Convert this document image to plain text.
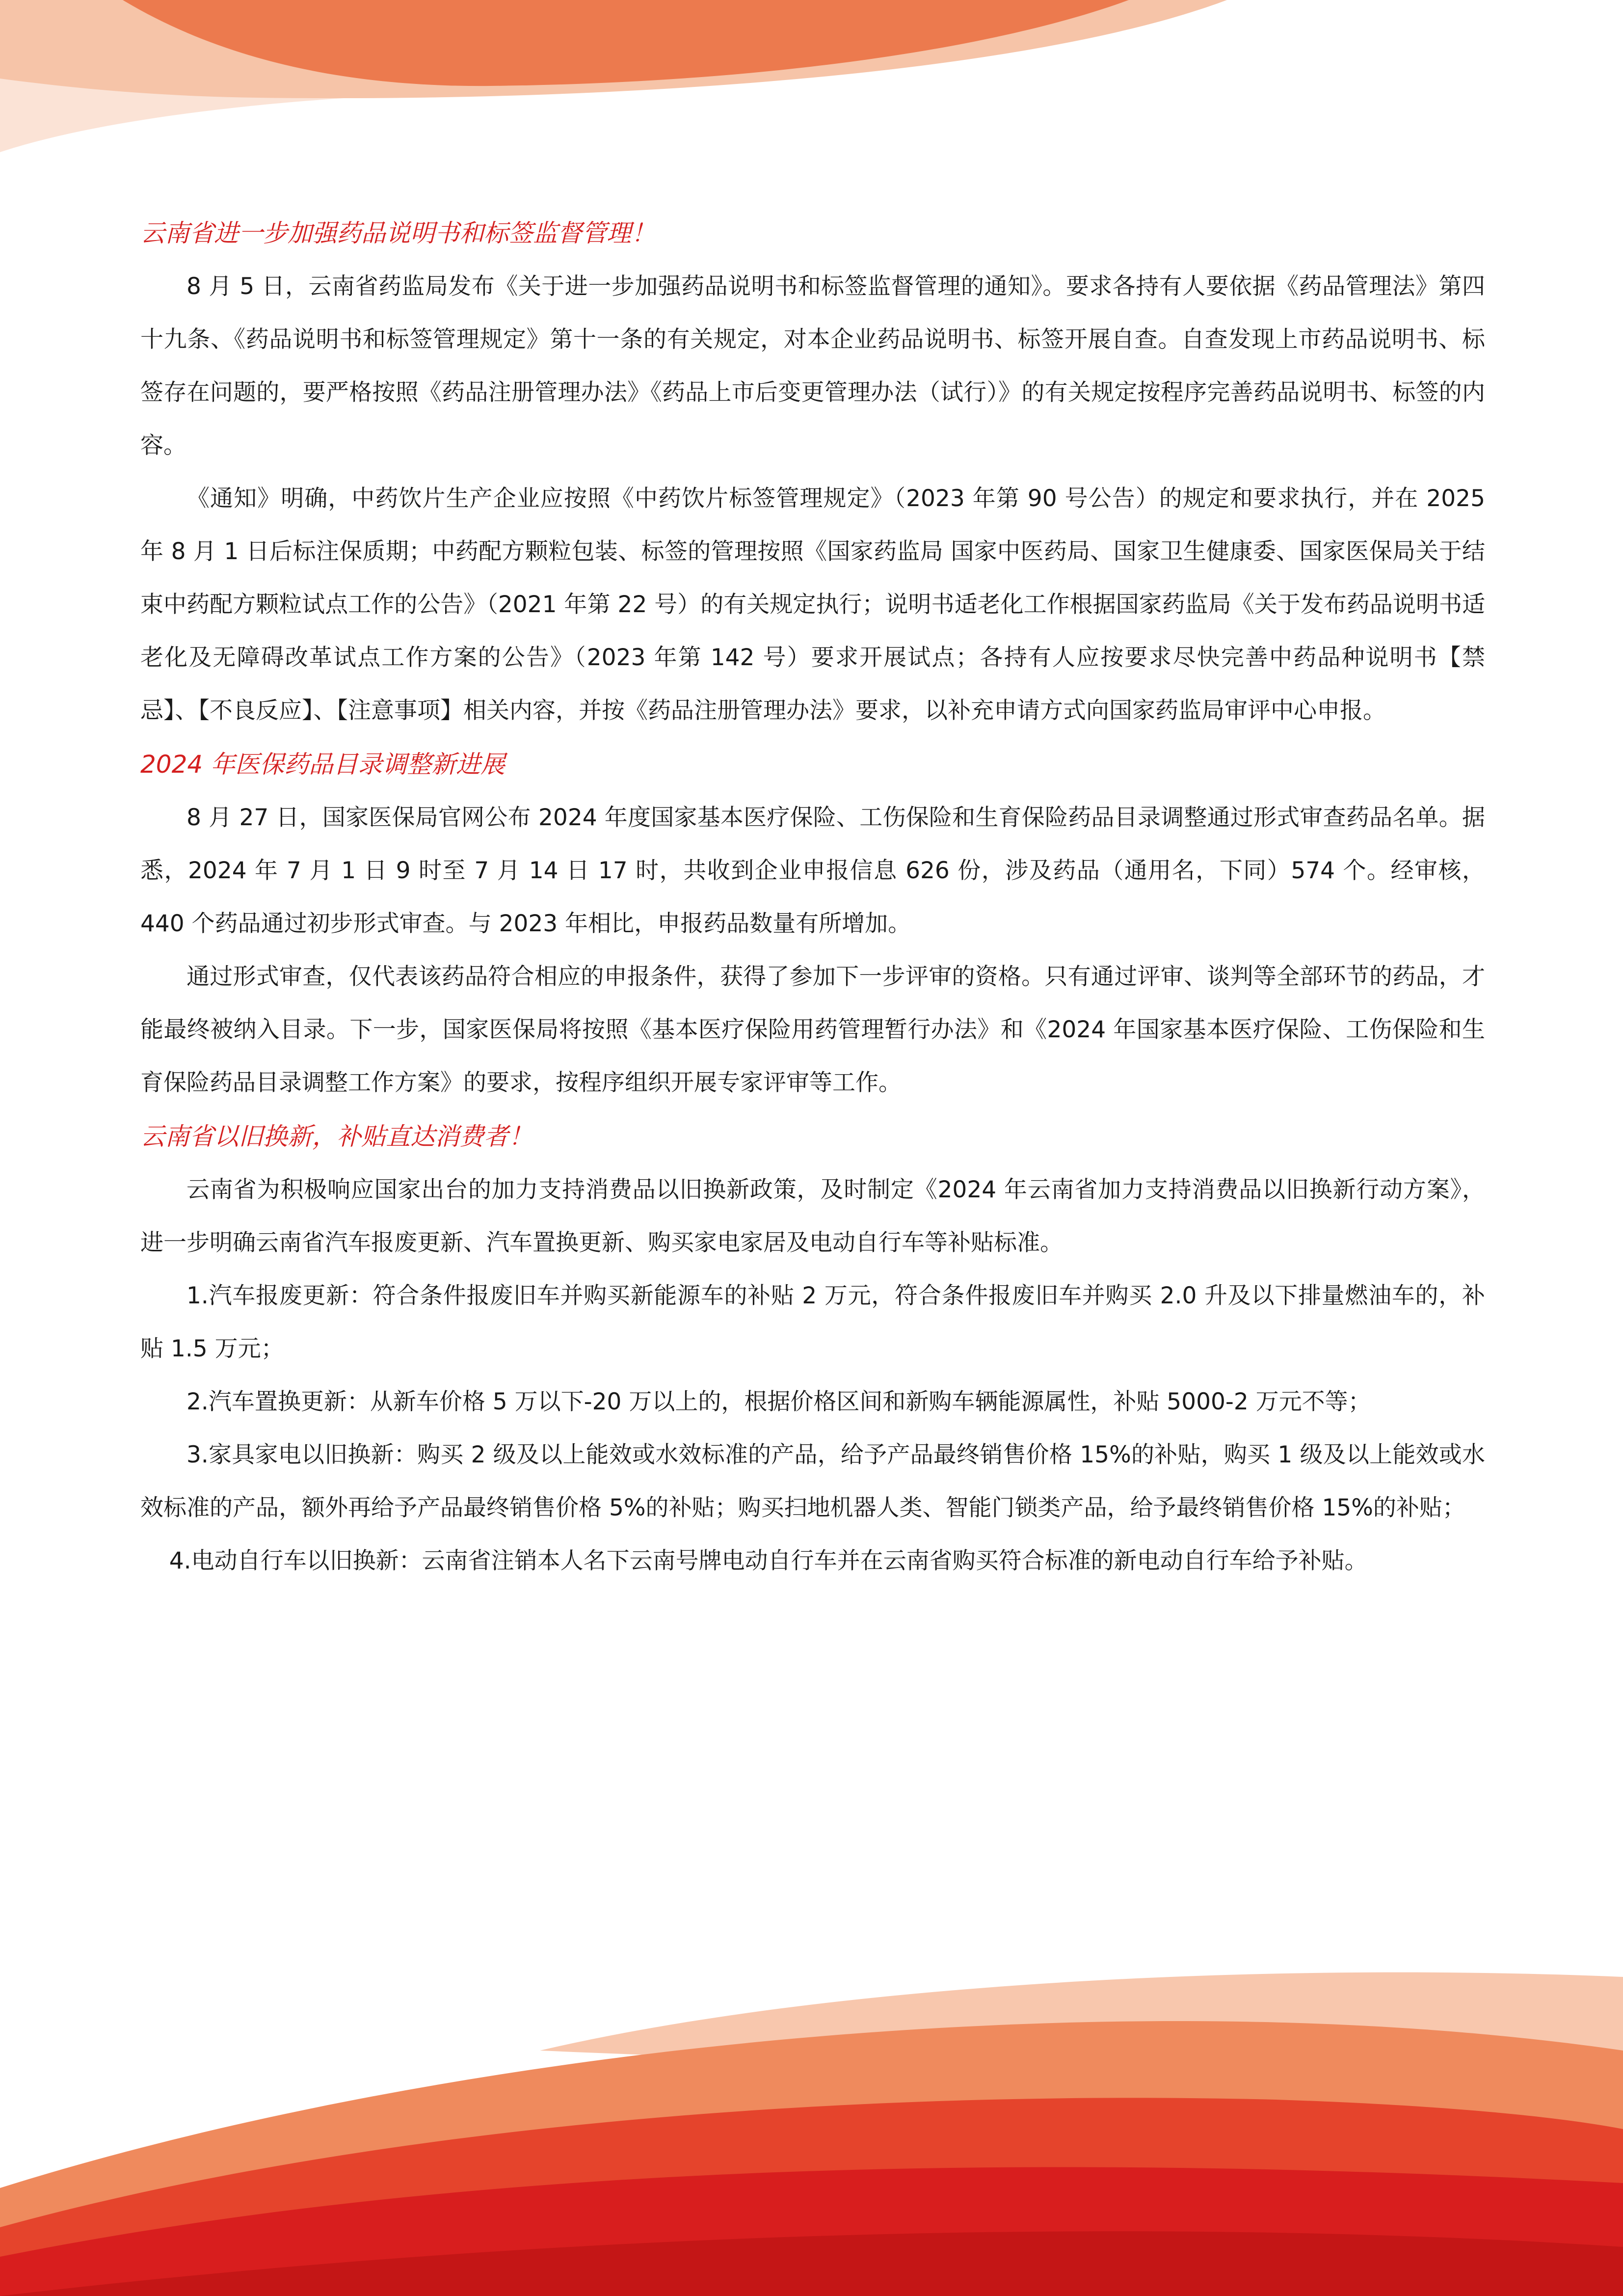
云南省进一步加强药品说明书和标签监督管理！

8 月 5 日，云南省药监局发布《关于进一步加强药品说明书和标签监督管理的通知》。要求各持有人要依据《药品管理法》第四十九条、《药品说明书和标签管理规定》第十一条的有关规定，对本企业药品说明书、标签开展自查。自查发现上市药品说明书、标签存在问题的，要严格按照《药品注册管理办法》《药品上市后变更管理办法（试行）》的有关规定按程序完善药品说明书、标签的内容。

《通知》明确，中药饮片生产企业应按照《中药饮片标签管理规定》（2023 年第 90 号公告）的规定和要求执行，并在 2025 年 8 月 1 日后标注保质期；中药配方颗粒包装、标签的管理按照《国家药监局 国家中医药局、国家卫生健康委、国家医保局关于结束中药配方颗粒试点工作的公告》（2021 年第 22 号）的有关规定执行；说明书适老化工作根据国家药监局《关于发布药品说明书适老化及无障碍改革试点工作方案的公告》（2023 年第 142 号）要求开展试点；各持有人应按要求尽快完善中药品种说明书【禁忌】、【不良反应】、【注意事项】相关内容，并按《药品注册管理办法》要求，以补充申请方式向国家药监局审评中心申报。

2024 年医保药品目录调整新进展

8 月 27 日，国家医保局官网公布 2024 年度国家基本医疗保险、工伤保险和生育保险药品目录调整通过形式审查药品名单。据悉，2024 年 7 月 1 日 9 时至 7 月 14 日 17 时，共收到企业申报信息 626 份，涉及药品（通用名，下同）574 个。经审核，440 个药品通过初步形式审查。与 2023 年相比，申报药品数量有所增加。

通过形式审查，仅代表该药品符合相应的申报条件，获得了参加下一步评审的资格。只有通过评审、谈判等全部环节的药品，才能最终被纳入目录。下一步，国家医保局将按照《基本医疗保险用药管理暂行办法》和《2024 年国家基本医疗保险、工伤保险和生育保险药品目录调整工作方案》的要求，按程序组织开展专家评审等工作。

云南省以旧换新，补贴直达消费者！

云南省为积极响应国家出台的加力支持消费品以旧换新政策，及时制定《2024 年云南省加力支持消费品以旧换新行动方案》，进一步明确云南省汽车报废更新、汽车置换更新、购买家电家居及电动自行车等补贴标准。

1.汽车报废更新：符合条件报废旧车并购买新能源车的补贴 2 万元，符合条件报废旧车并购买 2.0 升及以下排量燃油车的，补贴 1.5 万元；

2.汽车置换更新：从新车价格 5 万以下-20 万以上的，根据价格区间和新购车辆能源属性，补贴 5000-2 万元不等；

3.家具家电以旧换新：购买 2 级及以上能效或水效标准的产品，给予产品最终销售价格 15%的补贴，购买 1 级及以上能效或水效标准的产品，额外再给予产品最终销售价格 5%的补贴；购买扫地机器人类、智能门锁类产品，给予最终销售价格 15%的补贴；

4.电动自行车以旧换新：云南省注销本人名下云南号牌电动自行车并在云南省购买符合标准的新电动自行车给予补贴。
